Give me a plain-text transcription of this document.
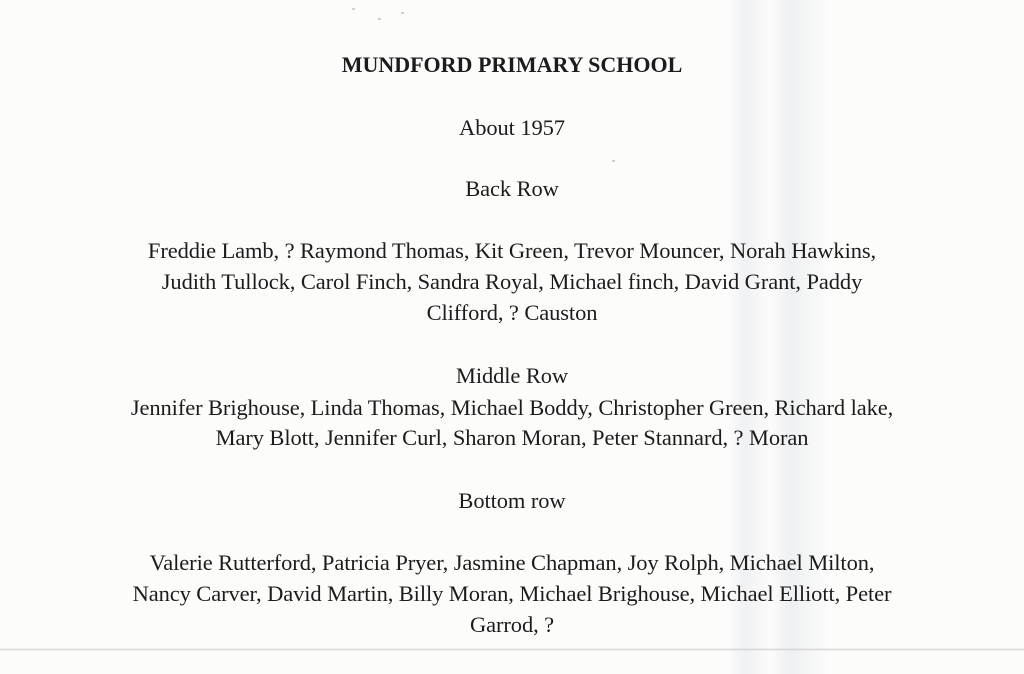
MUNDFORD PRIMARY SCHOOL
About 1957
Back Row
Freddie Lamb, ? Raymond Thomas, Kit Green, Trevor Mouncer, Norah Hawkins,
Judith Tullock, Carol Finch, Sandra Royal, Michael finch, David Grant, Paddy
Clifford, ? Causton
Middle Row
Jennifer Brighouse, Linda Thomas, Michael Boddy, Christopher Green, Richard lake,
Mary Blott, Jennifer Curl, Sharon Moran, Peter Stannard, ? Moran
Bottom row
Valerie Rutterford, Patricia Pryer, Jasmine Chapman, Joy Rolph, Michael Milton,
Nancy Carver, David Martin, Billy Moran, Michael Brighouse, Michael Elliott, Peter
Garrod, ?
